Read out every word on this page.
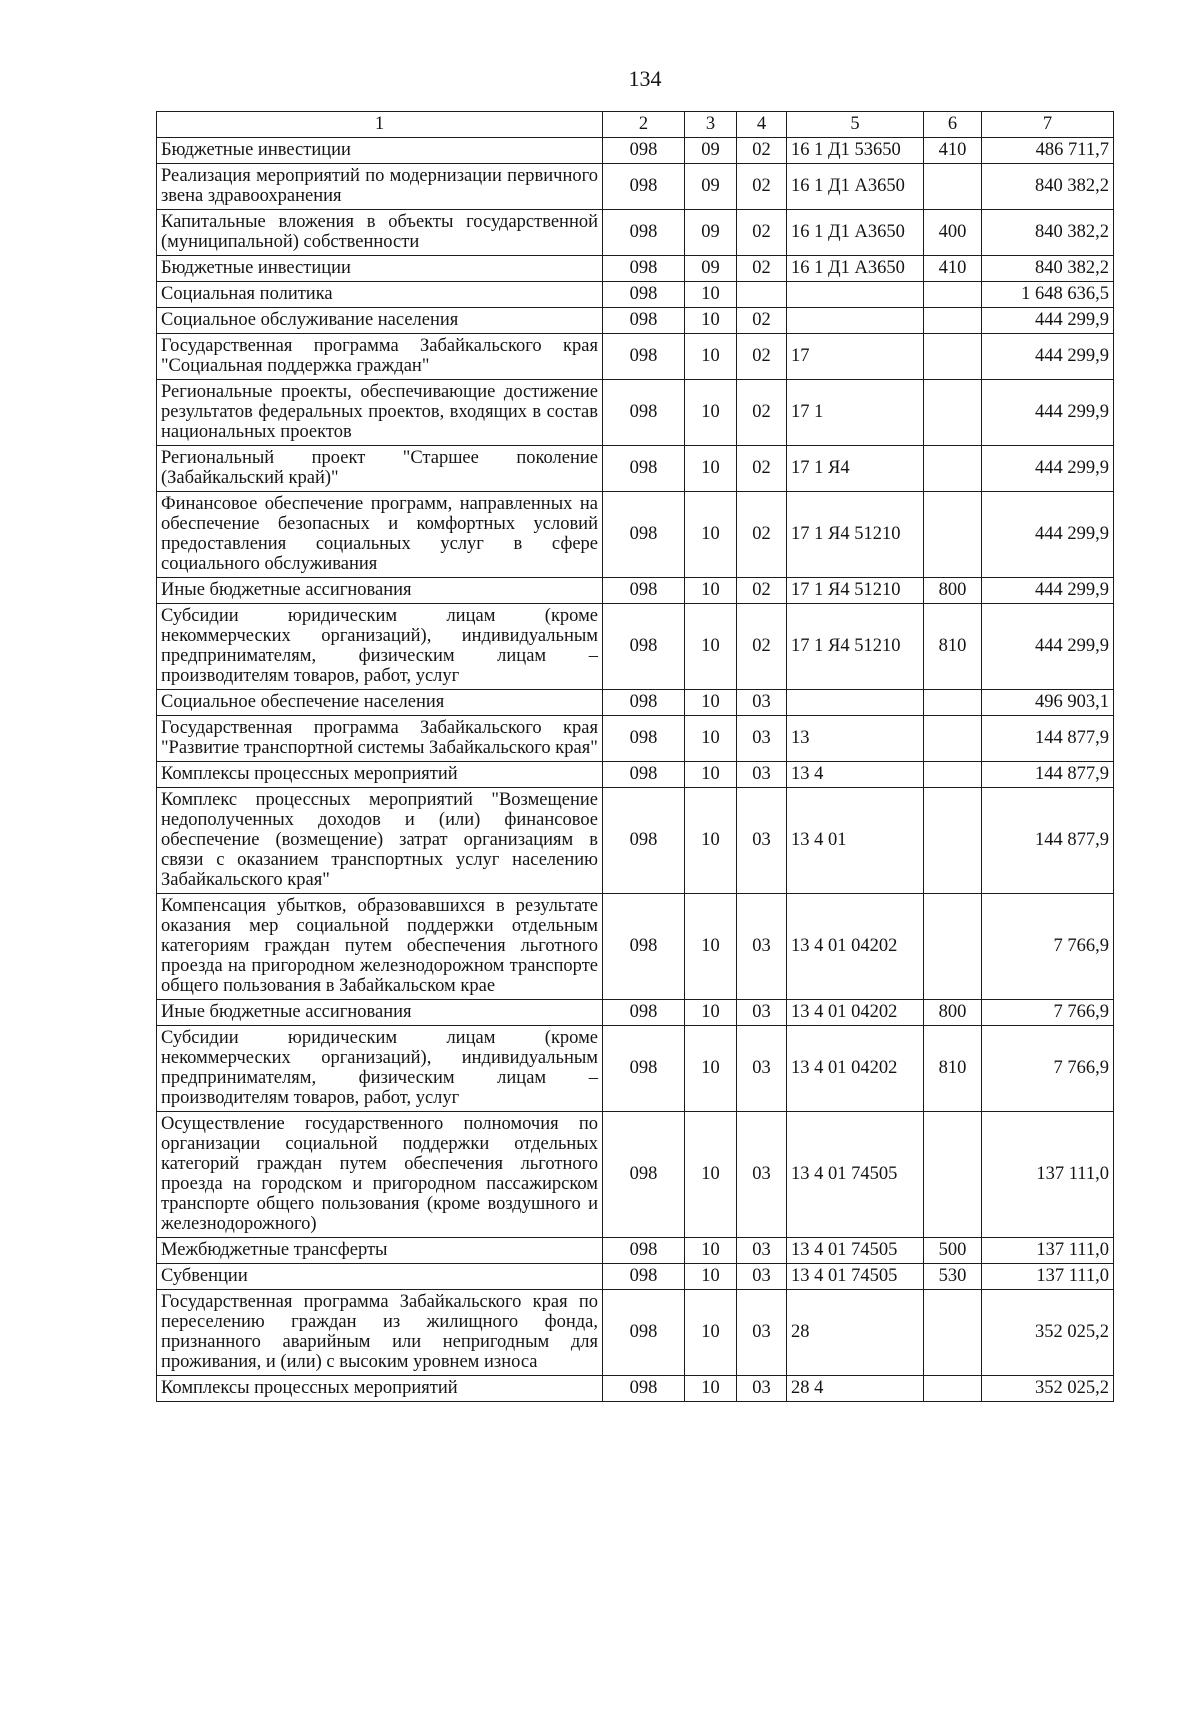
134
1	2	3	4	5	6	7
Бюджетные инвестиции	098	09	02	16 1 Д1 53650	410	486 711,7
Реализация мероприятий по модернизации первичного звена здравоохранения	098	09	02	16 1 Д1 А3650		840 382,2
Капитальные вложения в объекты государственной (муниципальной) собственности	098	09	02	16 1 Д1 А3650	400	840 382,2
Бюджетные инвестиции	098	09	02	16 1 Д1 А3650	410	840 382,2
Социальная политика	098	10				1 648 636,5
Социальное обслуживание населения	098	10	02			444 299,9
Государственная программа Забайкальского края "Социальная поддержка граждан"	098	10	02	17		444 299,9
Региональные проекты, обеспечивающие достижение результатов федеральных проектов, входящих в состав национальных проектов	098	10	02	17 1		444 299,9
Региональный проект "Старшее поколение (Забайкальский край)"	098	10	02	17 1 Я4		444 299,9
Финансовое обеспечение программ, направленных на обеспечение безопасных и комфортных условий предоставления социальных услуг в сфере социального обслуживания	098	10	02	17 1 Я4 51210		444 299,9
Иные бюджетные ассигнования	098	10	02	17 1 Я4 51210	800	444 299,9
Субсидии юридическим лицам (кроме некоммерческих организаций), индивидуальным предпринимателям, физическим лицам – производителям товаров, работ, услуг	098	10	02	17 1 Я4 51210	810	444 299,9
Социальное обеспечение населения	098	10	03			496 903,1
Государственная программа Забайкальского края "Развитие транспортной системы Забайкальского края"	098	10	03	13		144 877,9
Комплексы процессных мероприятий	098	10	03	13 4		144 877,9
Комплекс процессных мероприятий "Возмещение недополученных доходов и (или) финансовое обеспечение (возмещение) затрат организациям в связи с оказанием транспортных услуг населению Забайкальского края"	098	10	03	13 4 01		144 877,9
Компенсация убытков, образовавшихся в результате оказания мер социальной поддержки отдельным категориям граждан путем обеспечения льготного проезда на пригородном железнодорожном транспорте общего пользования в Забайкальском крае	098	10	03	13 4 01 04202		7 766,9
Иные бюджетные ассигнования	098	10	03	13 4 01 04202	800	7 766,9
Субсидии юридическим лицам (кроме некоммерческих организаций), индивидуальным предпринимателям, физическим лицам – производителям товаров, работ, услуг	098	10	03	13 4 01 04202	810	7 766,9
Осуществление государственного полномочия по организации социальной поддержки отдельных категорий граждан путем обеспечения льготного проезда на городском и пригородном пассажирском транспорте общего пользования (кроме воздушного и железнодорожного)	098	10	03	13 4 01 74505		137 111,0
Межбюджетные трансферты	098	10	03	13 4 01 74505	500	137 111,0
Субвенции	098	10	03	13 4 01 74505	530	137 111,0
Государственная программа Забайкальского края по переселению граждан из жилищного фонда, признанного аварийным или непригодным для проживания, и (или) с высоким уровнем износа	098	10	03	28		352 025,2
Комплексы процессных мероприятий	098	10	03	28 4		352 025,2
